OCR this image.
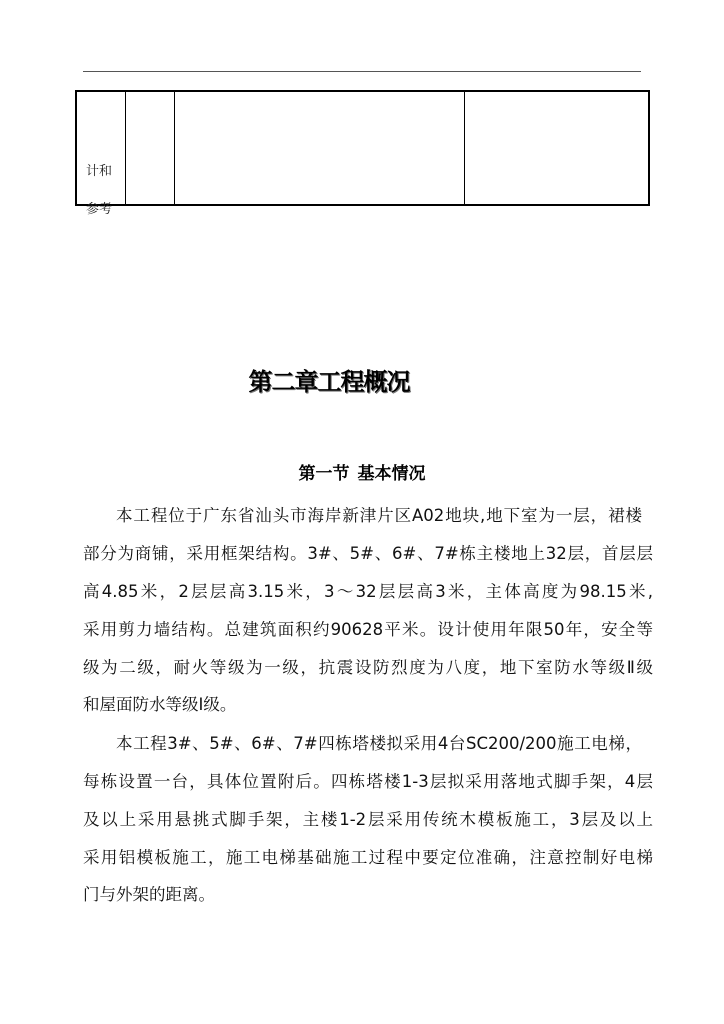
计和
参考
第二章工程概况
第一节 基本情况
本工程位于广东省汕头市海岸新津片区A02地块,地下室为一层，裙楼
部分为商铺，采用框架结构。3#、5#、6#、7#栋主楼地上32层，首层层
高4.85米，2层层高3.15米，3～32层层高3米，主体高度为98.15米,
采用剪力墙结构。总建筑面积约90628平米。设计使用年限50年，安全等
级为二级，耐火等级为一级，抗震设防烈度为八度，地下室防水等级Ⅱ级
和屋面防水等级Ⅰ级。
本工程3#、5#、6#、7#四栋塔楼拟采用4台SC200/200施工电梯，
每栋设置一台，具体位置附后。四栋塔楼1-3层拟采用落地式脚手架，4层
及以上采用悬挑式脚手架，主楼1-2层采用传统木模板施工，3层及以上
采用铝模板施工，施工电梯基础施工过程中要定位准确，注意控制好电梯
门与外架的距离。
